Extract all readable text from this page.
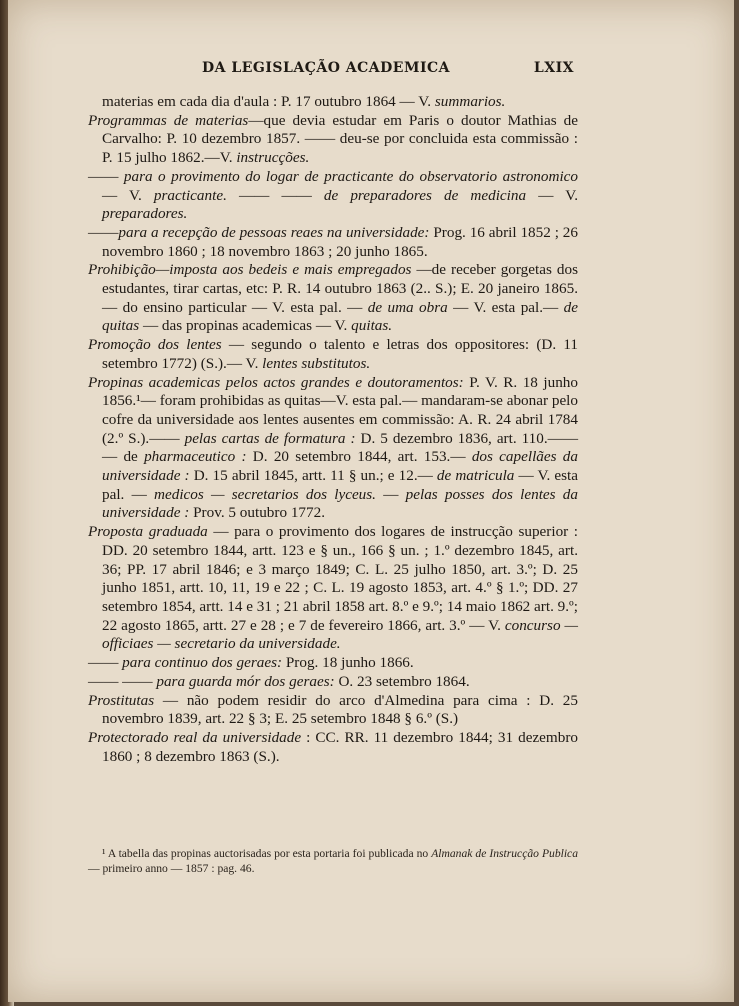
DA LEGISLAÇÃO ACADEMICA	LXIX

materias em cada dia d'aula : P. 17 outubro 1864 — V. summarios.

Programmas de materias—que devia estudar em Paris o doutor Mathias de Carvalho: P. 10 dezembro 1857. —— deu-se por concluida esta commissão : P. 15 julho 1862.—V. instrucções.

—— para o provimento do logar de practicante do observatorio astronomico — V. practicante. —— —— de preparadores de medicina — V. preparadores.

——para a recepção de pessoas reaes na universidade: Prog. 16 abril 1852 ; 26 novembro 1860 ; 18 novembro 1863 ; 20 junho 1865.

Prohibição—imposta aos bedeis e mais empregados —de receber gorgetas dos estudantes, tirar cartas, etc: P. R. 14 outubro 1863 (2.. S.); E. 20 janeiro 1865.— do ensino particular — V. esta pal. — de uma obra — V. esta pal.— de quitas — das propinas academicas — V. quitas.

Promoção dos lentes — segundo o talento e letras dos oppositores: (D. 11 setembro 1772) (S.).— V. lentes substitutos.

Propinas academicas pelos actos grandes e doutoramentos: P. V. R. 18 junho 1856.¹— foram prohibidas as quitas—V. esta pal.— mandaram-se abonar pelo cofre da universidade aos lentes ausentes em commissão: A. R. 24 abril 1784 (2.º S.).—— pelas cartas de formatura : D. 5 dezembro 1836, art. 110.—— — de pharmaceutico : D. 20 setembro 1844, art. 153.— dos capellães da universidade : D. 15 abril 1845, artt. 11 § un.; e 12.— de matricula — V. esta pal. — medicos — secretarios dos lyceus. — pelas posses dos lentes da universidade : Prov. 5 outubro 1772.

Proposta graduada — para o provimento dos logares de instrucção superior : DD. 20 setembro 1844, artt. 123 e § un., 166 § un. ; 1.º dezembro 1845, art. 36; PP. 17 abril 1846; e 3 março 1849; C. L. 25 julho 1850, art. 3.º; D. 25 junho 1851, artt. 10, 11, 19 e 22 ; C. L. 19 agosto 1853, art. 4.º § 1.º; DD. 27 setembro 1854, artt. 14 e 31 ; 21 abril 1858 art. 8.º e 9.º; 14 maio 1862 art. 9.º; 22 agosto 1865, artt. 27 e 28 ; e 7 de fevereiro 1866, art. 3.º — V. concurso — officiaes — secretario da universidade.

—— para continuo dos geraes: Prog. 18 junho 1866.

—— —— para guarda mór dos geraes: O. 23 setembro 1864.

Prostitutas — não podem residir do arco d'Almedina para cima : D. 25 novembro 1839, art. 22 § 3; E. 25 setembro 1848 § 6.º (S.)

Protectorado real da universidade : CC. RR. 11 dezembro 1844; 31 dezembro 1860 ; 8 dezembro 1863 (S.).

¹ A tabella das propinas auctorisadas por esta portaria foi publicada no Almanak de Instrucção Publica — primeiro anno — 1857 : pag. 46.
